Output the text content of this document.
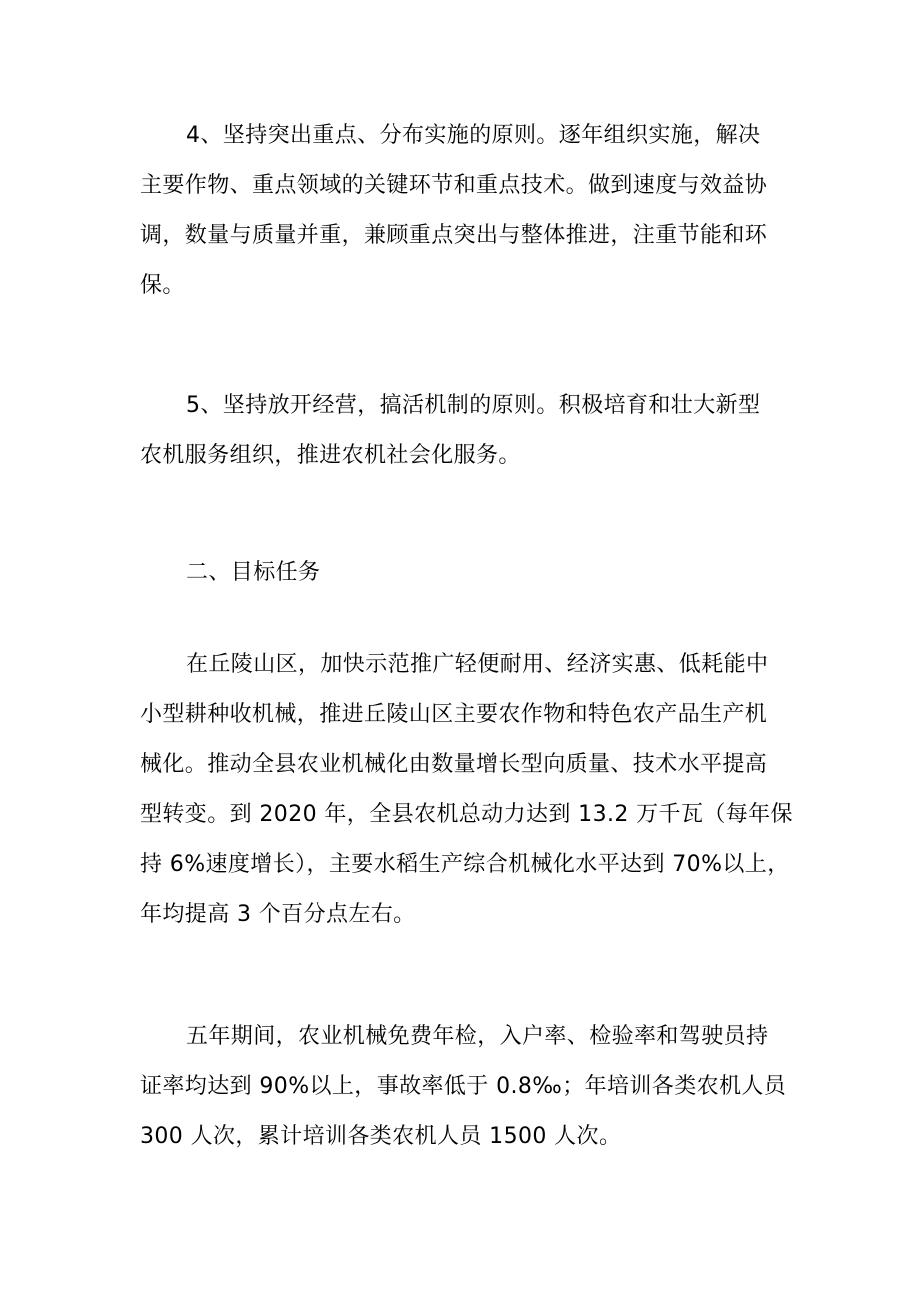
4、坚持突出重点、分布实施的原则。逐年组织实施，解决
主要作物、重点领域的关键环节和重点技术。做到速度与效益协
调，数量与质量并重，兼顾重点突出与整体推进，注重节能和环
保。
5、坚持放开经营，搞活机制的原则。积极培育和壮大新型
农机服务组织，推进农机社会化服务。
二、目标任务
在丘陵山区，加快示范推广轻便耐用、经济实惠、低耗能中
小型耕种收机械，推进丘陵山区主要农作物和特色农产品生产机
械化。推动全县农业机械化由数量增长型向质量、技术水平提高
型转变。到 2020 年，全县农机总动力达到 13.2 万千瓦（每年保
持 6%速度增长），主要水稻生产综合机械化水平达到 70%以上，
年均提高 3 个百分点左右。
五年期间，农业机械免费年检，入户率、检验率和驾驶员持
证率均达到 90%以上，事故率低于 0.8‰；年培训各类农机人员
300 人次，累计培训各类农机人员 1500 人次。
